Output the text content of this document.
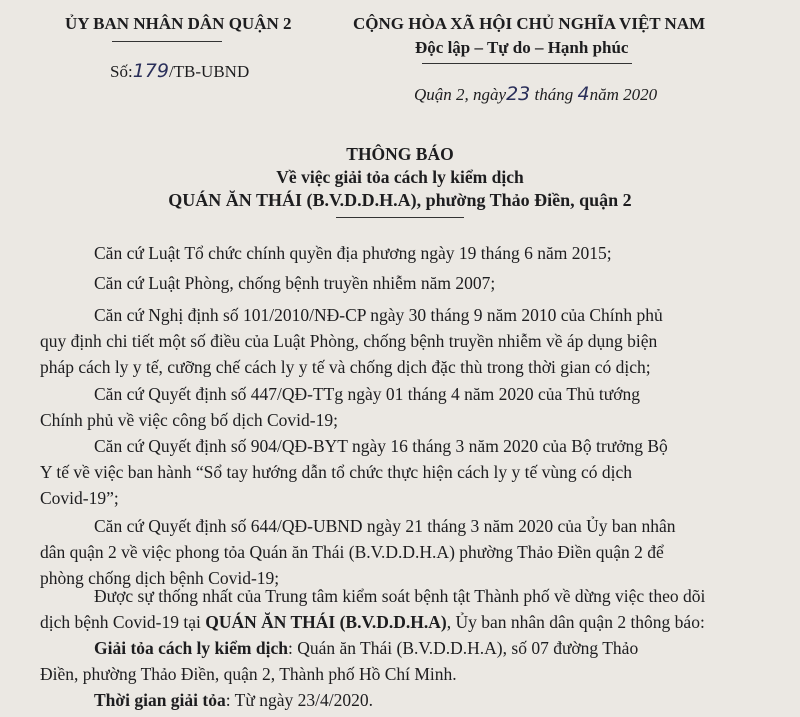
ỦY BAN NHÂN DÂN QUẬN 2
Số:179/TB-UBND
CỘNG HÒA XÃ HỘI CHỦ NGHĨA VIỆT NAM
Độc lập – Tự do – Hạnh phúc
Quận 2, ngày23 tháng 4năm 2020
THÔNG BÁO
Về việc giải tỏa cách ly kiểm dịch
QUÁN ĂN THÁI (B.V.D.D.H.A), phường Thảo Điền, quận 2
Căn cứ Luật Tổ chức chính quyền địa phương ngày 19 tháng 6 năm 2015;
Căn cứ Luật Phòng, chống bệnh truyền nhiễm năm 2007;
Căn cứ Nghị định số 101/2010/NĐ-CP ngày 30 tháng 9 năm 2010 của Chính phủ
quy định chi tiết một số điều của Luật Phòng, chống bệnh truyền nhiễm về áp dụng biện
pháp cách ly y tế, cưỡng chế cách ly y tế và chống dịch đặc thù trong thời gian có dịch;
Căn cứ Quyết định số 447/QĐ-TTg ngày 01 tháng 4 năm 2020 của Thủ tướng
Chính phủ về việc công bố dịch Covid-19;
Căn cứ Quyết định số 904/QĐ-BYT ngày 16 tháng 3 năm 2020 của Bộ trưởng Bộ
Y tế về việc ban hành “Sổ tay hướng dẫn tổ chức thực hiện cách ly y tế vùng có dịch
Covid-19”;
Căn cứ Quyết định số 644/QĐ-UBND ngày 21 tháng 3 năm 2020 của Ủy ban nhân
dân quận 2 về việc phong tỏa Quán ăn Thái (B.V.D.D.H.A) phường Thảo Điền quận 2 để
phòng chống dịch bệnh Covid-19;
Được sự thống nhất của Trung tâm kiểm soát bệnh tật Thành phố về dừng việc theo dõi
dịch bệnh Covid-19 tại QUÁN ĂN THÁI (B.V.D.D.H.A), Ủy ban nhân dân quận 2 thông báo:
Giải tỏa cách ly kiểm dịch: Quán ăn Thái (B.V.D.D.H.A), số 07 đường Thảo
Điền, phường Thảo Điền, quận 2, Thành phố Hồ Chí Minh.
Thời gian giải tỏa: Từ ngày 23/4/2020.
